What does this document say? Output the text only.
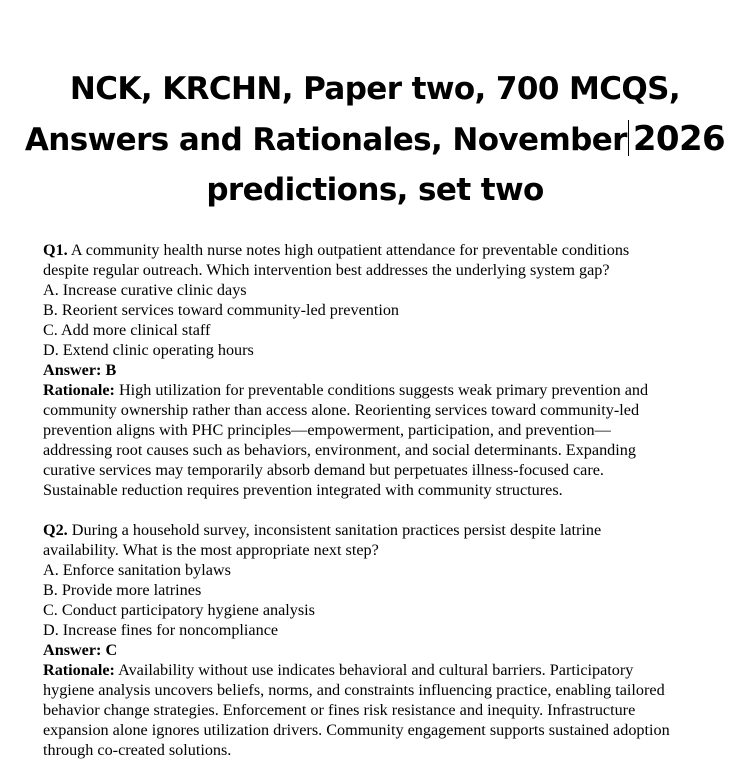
NCK, KRCHN, Paper two, 700 MCQS,
Answers and Rationales, November 2026
predictions, set two

Q1. A community health nurse notes high outpatient attendance for preventable conditions

despite regular outreach. Which intervention best addresses the underlying system gap?

A. Increase curative clinic days

B. Reorient services toward community-led prevention

C. Add more clinical staff

D. Extend clinic operating hours

Answer: B

Rationale: High utilization for preventable conditions suggests weak primary prevention and

community ownership rather than access alone. Reorienting services toward community-led

prevention aligns with PHC principles—empowerment, participation, and prevention—

addressing root causes such as behaviors, environment, and social determinants. Expanding

curative services may temporarily absorb demand but perpetuates illness-focused care.

Sustainable reduction requires prevention integrated with community structures.

Q2. During a household survey, inconsistent sanitation practices persist despite latrine

availability. What is the most appropriate next step?

A. Enforce sanitation bylaws

B. Provide more latrines

C. Conduct participatory hygiene analysis

D. Increase fines for noncompliance

Answer: C

Rationale: Availability without use indicates behavioral and cultural barriers. Participatory

hygiene analysis uncovers beliefs, norms, and constraints influencing practice, enabling tailored

behavior change strategies. Enforcement or fines risk resistance and inequity. Infrastructure

expansion alone ignores utilization drivers. Community engagement supports sustained adoption

through co-created solutions.
